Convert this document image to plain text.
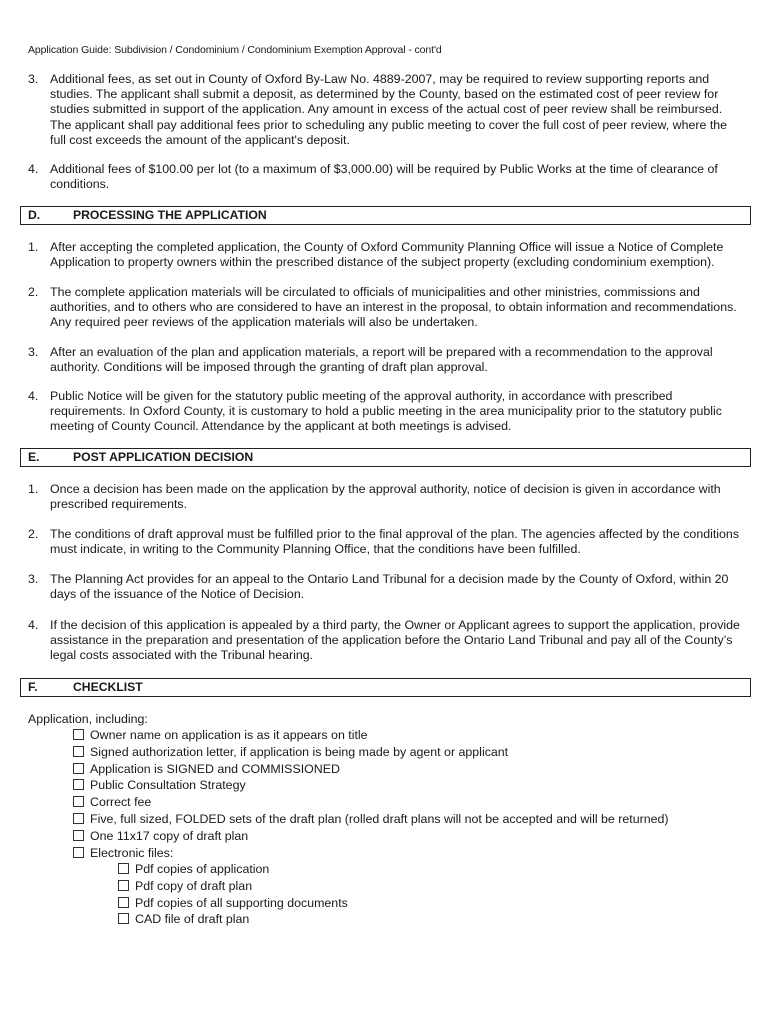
Application Guide: Subdivision / Condominium / Condominium Exemption Approval - cont'd
3. Additional fees, as set out in County of Oxford By-Law No. 4889-2007, may be required to review supporting reports and studies. The applicant shall submit a deposit, as determined by the County, based on the estimated cost of peer review for studies submitted in support of the application. Any amount in excess of the actual cost of peer review shall be reimbursed. The applicant shall pay additional fees prior to scheduling any public meeting to cover the full cost of peer review, where the full cost exceeds the amount of the applicant's deposit.
4. Additional fees of $100.00 per lot (to a maximum of $3,000.00) will be required by Public Works at the time of clearance of conditions.
D.	PROCESSING THE APPLICATION
1. After accepting the completed application, the County of Oxford Community Planning Office will issue a Notice of Complete Application to property owners within the prescribed distance of the subject property (excluding condominium exemption).
2. The complete application materials will be circulated to officials of municipalities and other ministries, commissions and authorities, and to others who are considered to have an interest in the proposal, to obtain information and recommendations. Any required peer reviews of the application materials will also be undertaken.
3. After an evaluation of the plan and application materials, a report will be prepared with a recommendation to the approval authority. Conditions will be imposed through the granting of draft plan approval.
4. Public Notice will be given for the statutory public meeting of the approval authority, in accordance with prescribed requirements. In Oxford County, it is customary to hold a public meeting in the area municipality prior to the statutory public meeting of County Council. Attendance by the applicant at both meetings is advised.
E.	POST APPLICATION DECISION
1. Once a decision has been made on the application by the approval authority, notice of decision is given in accordance with prescribed requirements.
2. The conditions of draft approval must be fulfilled prior to the final approval of the plan. The agencies affected by the conditions must indicate, in writing to the Community Planning Office, that the conditions have been fulfilled.
3. The Planning Act provides for an appeal to the Ontario Land Tribunal for a decision made by the County of Oxford, within 20 days of the issuance of the Notice of Decision.
4. If the decision of this application is appealed by a third party, the Owner or Applicant agrees to support the application, provide assistance in the preparation and presentation of the application before the Ontario Land Tribunal and pay all of the County’s legal costs associated with the Tribunal hearing.
F.	CHECKLIST
Application, including:
Owner name on application is as it appears on title
Signed authorization letter, if application is being made by agent or applicant
Application is SIGNED and COMMISSIONED
Public Consultation Strategy
Correct fee
Five, full sized, FOLDED sets of the draft plan (rolled draft plans will not be accepted and will be returned)
One 11x17 copy of draft plan
Electronic files:
Pdf copies of application
Pdf copy of draft plan
Pdf copies of all supporting documents
CAD file of draft plan
